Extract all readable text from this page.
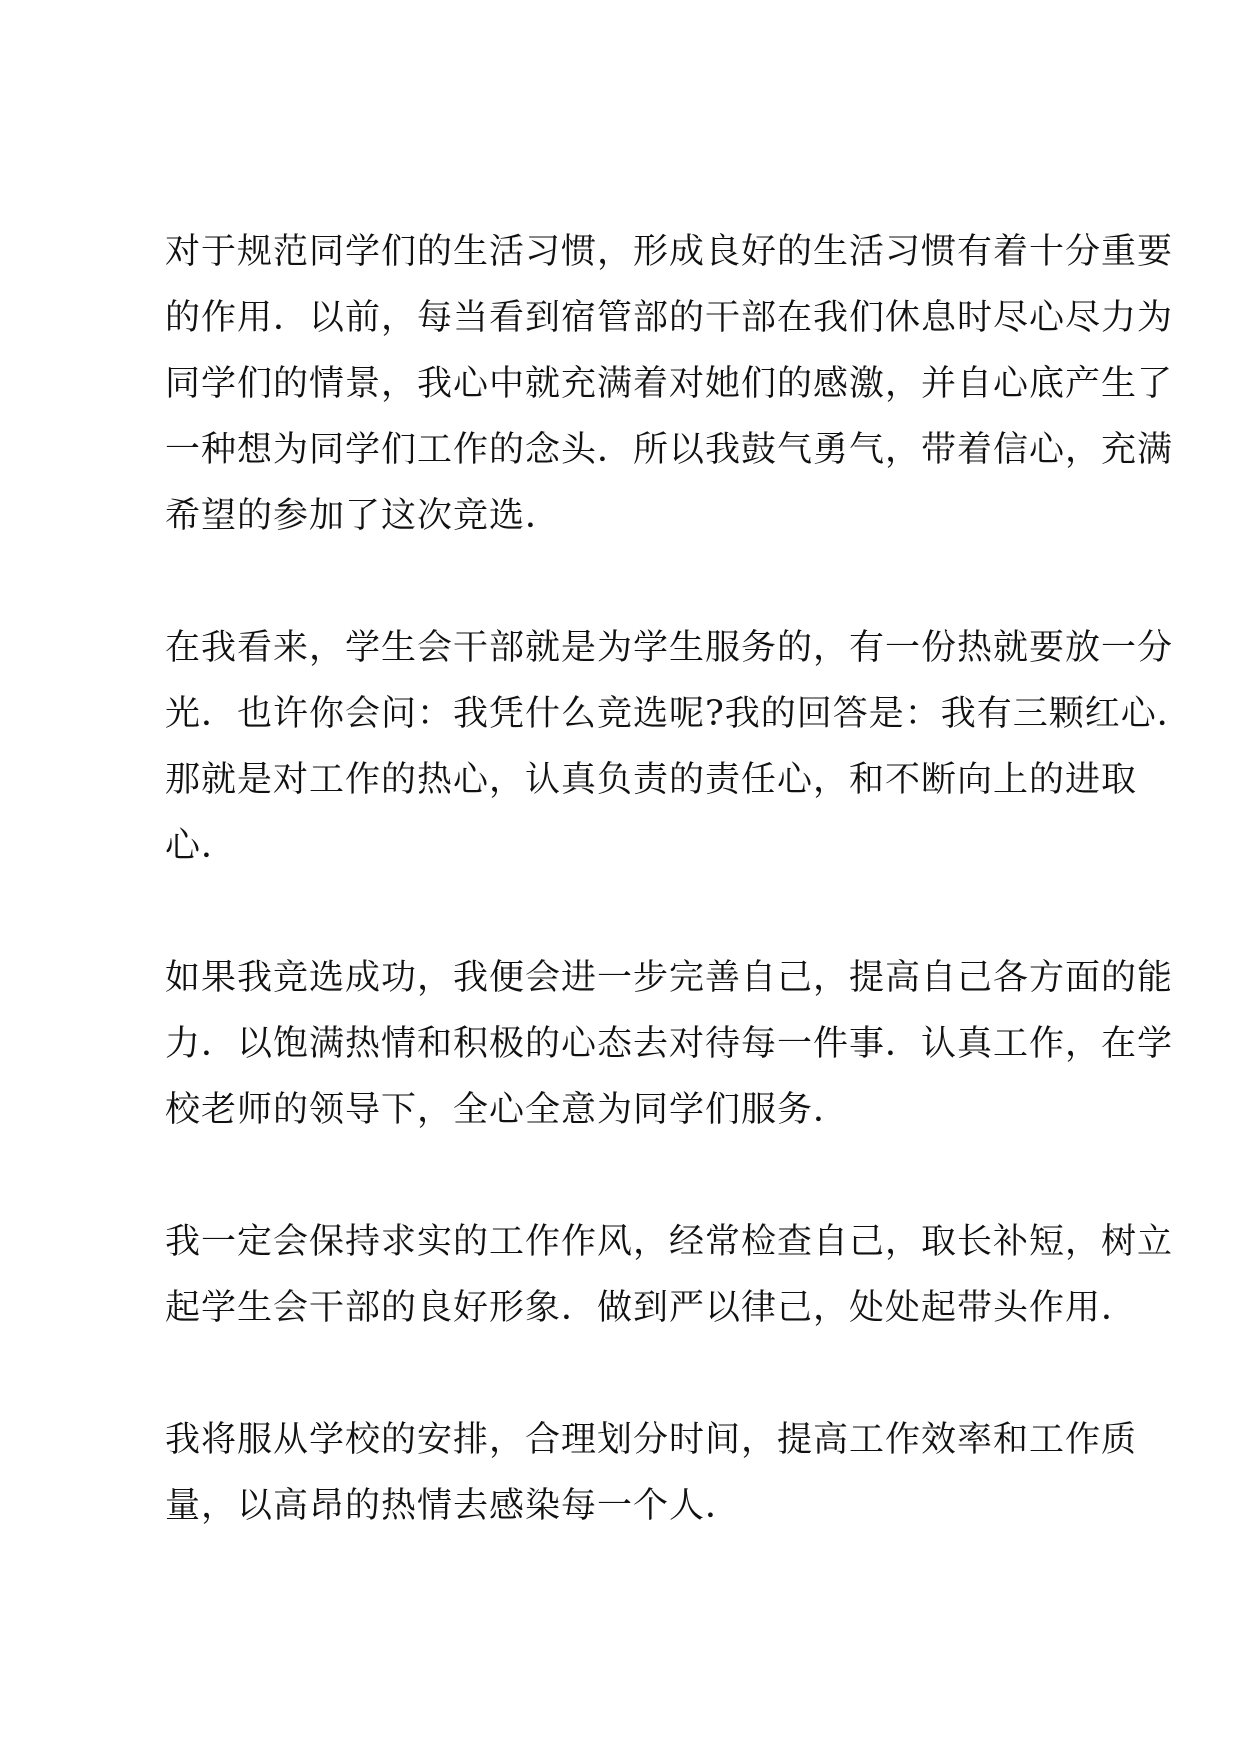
对于规范同学们的生活习惯，形成良好的生活习惯有着十分重要
的作用．以前，每当看到宿管部的干部在我们休息时尽心尽力为
同学们的情景，我心中就充满着对她们的感激，并自心底产生了
一种想为同学们工作的念头．所以我鼓气勇气，带着信心，充满
希望的参加了这次竞选．

在我看来，学生会干部就是为学生服务的，有一份热就要放一分
光．也许你会问：我凭什么竞选呢?我的回答是：我有三颗红心．
那就是对工作的热心，认真负责的责任心，和不断向上的进取
心．

如果我竞选成功，我便会进一步完善自己，提高自己各方面的能
力．以饱满热情和积极的心态去对待每一件事．认真工作，在学
校老师的领导下，全心全意为同学们服务．

我一定会保持求实的工作作风，经常检查自己，取长补短，树立
起学生会干部的良好形象．做到严以律己，处处起带头作用．

我将服从学校的安排，合理划分时间，提高工作效率和工作质
量，以高昂的热情去感染每一个人．
